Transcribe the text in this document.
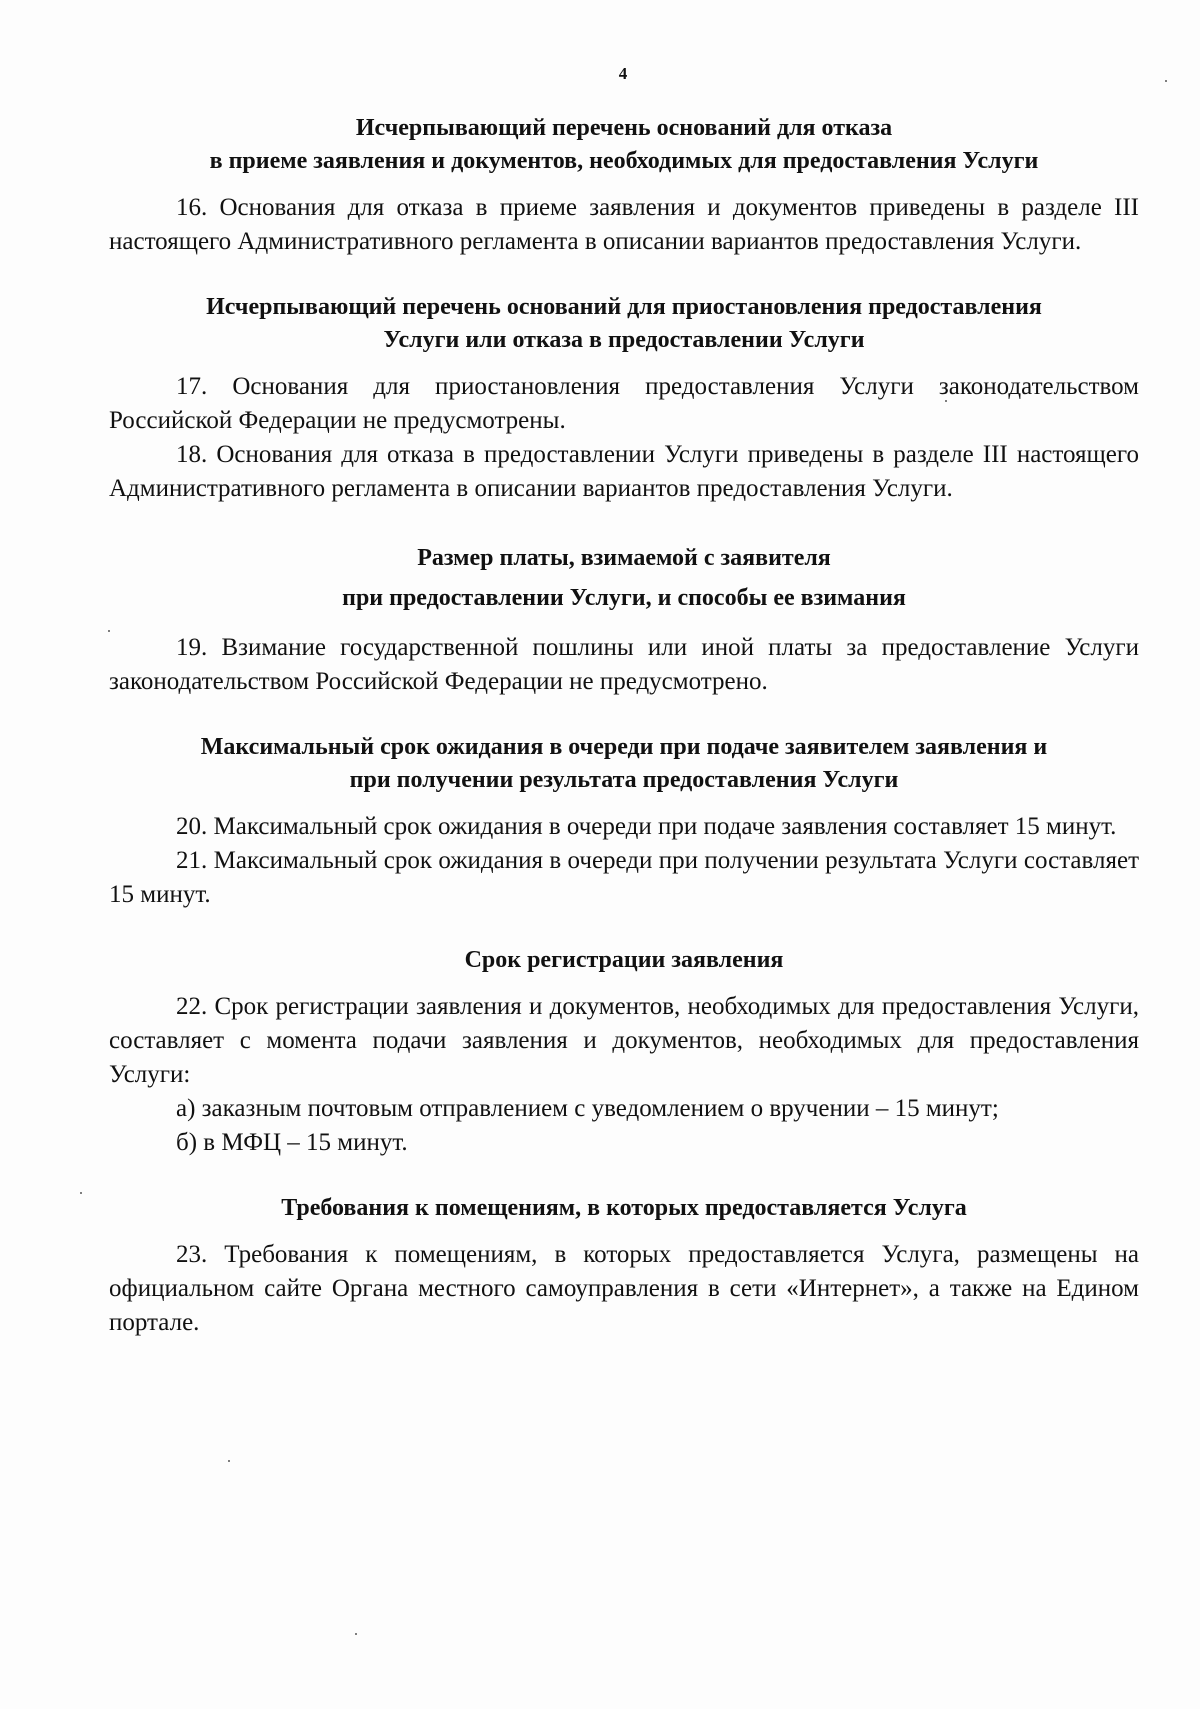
4
Исчерпывающий перечень оснований для отказа
в приеме заявления и документов, необходимых для предоставления Услуги

16. Основания для отказа в приеме заявления и документов приведены в разделе III настоящего Административного регламента в описании вариантов предоставления Услуги.

Исчерпывающий перечень оснований для приостановления предоставления
Услуги или отказа в предоставлении Услуги

17. Основания для приостановления предоставления Услуги законодательством Российской Федерации не предусмотрены.

18. Основания для отказа в предоставлении Услуги приведены в разделе III настоящего Административного регламента в описании вариантов предоставления Услуги.

Размер платы, взимаемой с заявителя
при предоставлении Услуги, и способы ее взимания

19. Взимание государственной пошлины или иной платы за предоставление Услуги законодательством Российской Федерации не предусмотрено.

Максимальный срок ожидания в очереди при подаче заявителем заявления и
при получении результата предоставления Услуги

20. Максимальный срок ожидания в очереди при подаче заявления составляет 15 минут.

21. Максимальный срок ожидания в очереди при получении результата Услуги составляет 15 минут.

Срок регистрации заявления

22. Срок регистрации заявления и документов, необходимых для предоставления Услуги, составляет с момента подачи заявления и документов, необходимых для предоставления Услуги:

а) заказным почтовым отправлением с уведомлением о вручении – 15 минут;

б) в МФЦ – 15 минут.

Требования к помещениям, в которых предоставляется Услуга

23. Требования к помещениям, в которых предоставляется Услуга, размещены на официальном сайте Органа местного самоуправления в сети «Интернет», а также на Едином портале.
